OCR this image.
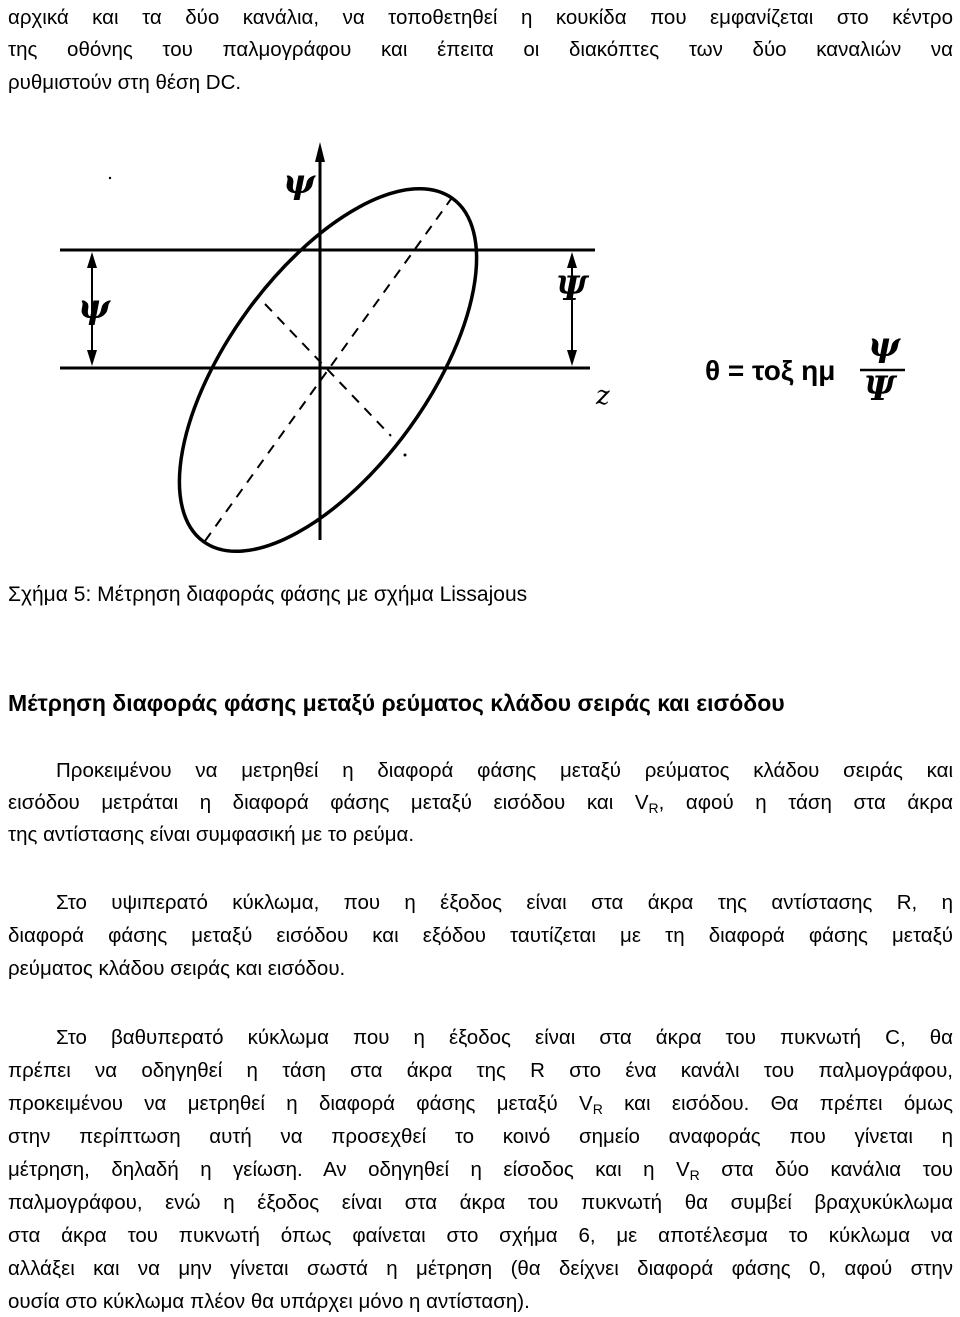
αρχικά και τα δύο κανάλια, να τοποθετηθεί η κουκίδα που εμφανίζεται στο κέντρο
της οθόνης του παλμογράφου και έπειτα οι διακόπτες των δύο καναλιών να
ρυθμιστούν στη θέση DC.
ψ
ψ	Ψ
z
θ = τοξ ημ
ψ
Ψ
Σχήμα 5: Μέτρηση διαφοράς φάσης με σχήμα Lissajous
Μέτρηση διαφοράς φάσης μεταξύ ρεύματος κλάδου σειράς και εισόδου
Προκειμένου να μετρηθεί η διαφορά φάσης μεταξύ ρεύματος κλάδου σειράς και
εισόδου μετράται η διαφορά φάσης μεταξύ εισόδου και $V_R$, αφού η τάση στα άκρα
της αντίστασης είναι συμφασική με το ρεύμα.
Στο υψιπερατό κύκλωμα, που η έξοδος είναι στα άκρα της αντίστασης R, η
διαφορά φάσης μεταξύ εισόδου και εξόδου ταυτίζεται με τη διαφορά φάσης μεταξύ
ρεύματος κλάδου σειράς και εισόδου.
Στο βαθυπερατό κύκλωμα που η έξοδος είναι στα άκρα του πυκνωτή C, θα
πρέπει να οδηγηθεί η τάση στα άκρα της R στο ένα κανάλι του παλμογράφου,
προκειμένου να μετρηθεί η διαφορά φάσης μεταξύ $V_R$ και εισόδου. Θα πρέπει όμως
στην περίπτωση αυτή να προσεχθεί το κοινό σημείο αναφοράς που γίνεται η
μέτρηση, δηλαδή η γείωση. Αν οδηγηθεί η είσοδος και η $V_R$ στα δύο κανάλια του
παλμογράφου, ενώ η έξοδος είναι στα άκρα του πυκνωτή θα συμβεί βραχυκύκλωμα
στα άκρα του πυκνωτή όπως φαίνεται στο σχήμα 6, με αποτέλεσμα το κύκλωμα να
αλλάξει και να μην γίνεται σωστά η μέτρηση (θα δείχνει διαφορά φάσης 0, αφού στην
ουσία στο κύκλωμα πλέον θα υπάρχει μόνο η αντίσταση).
